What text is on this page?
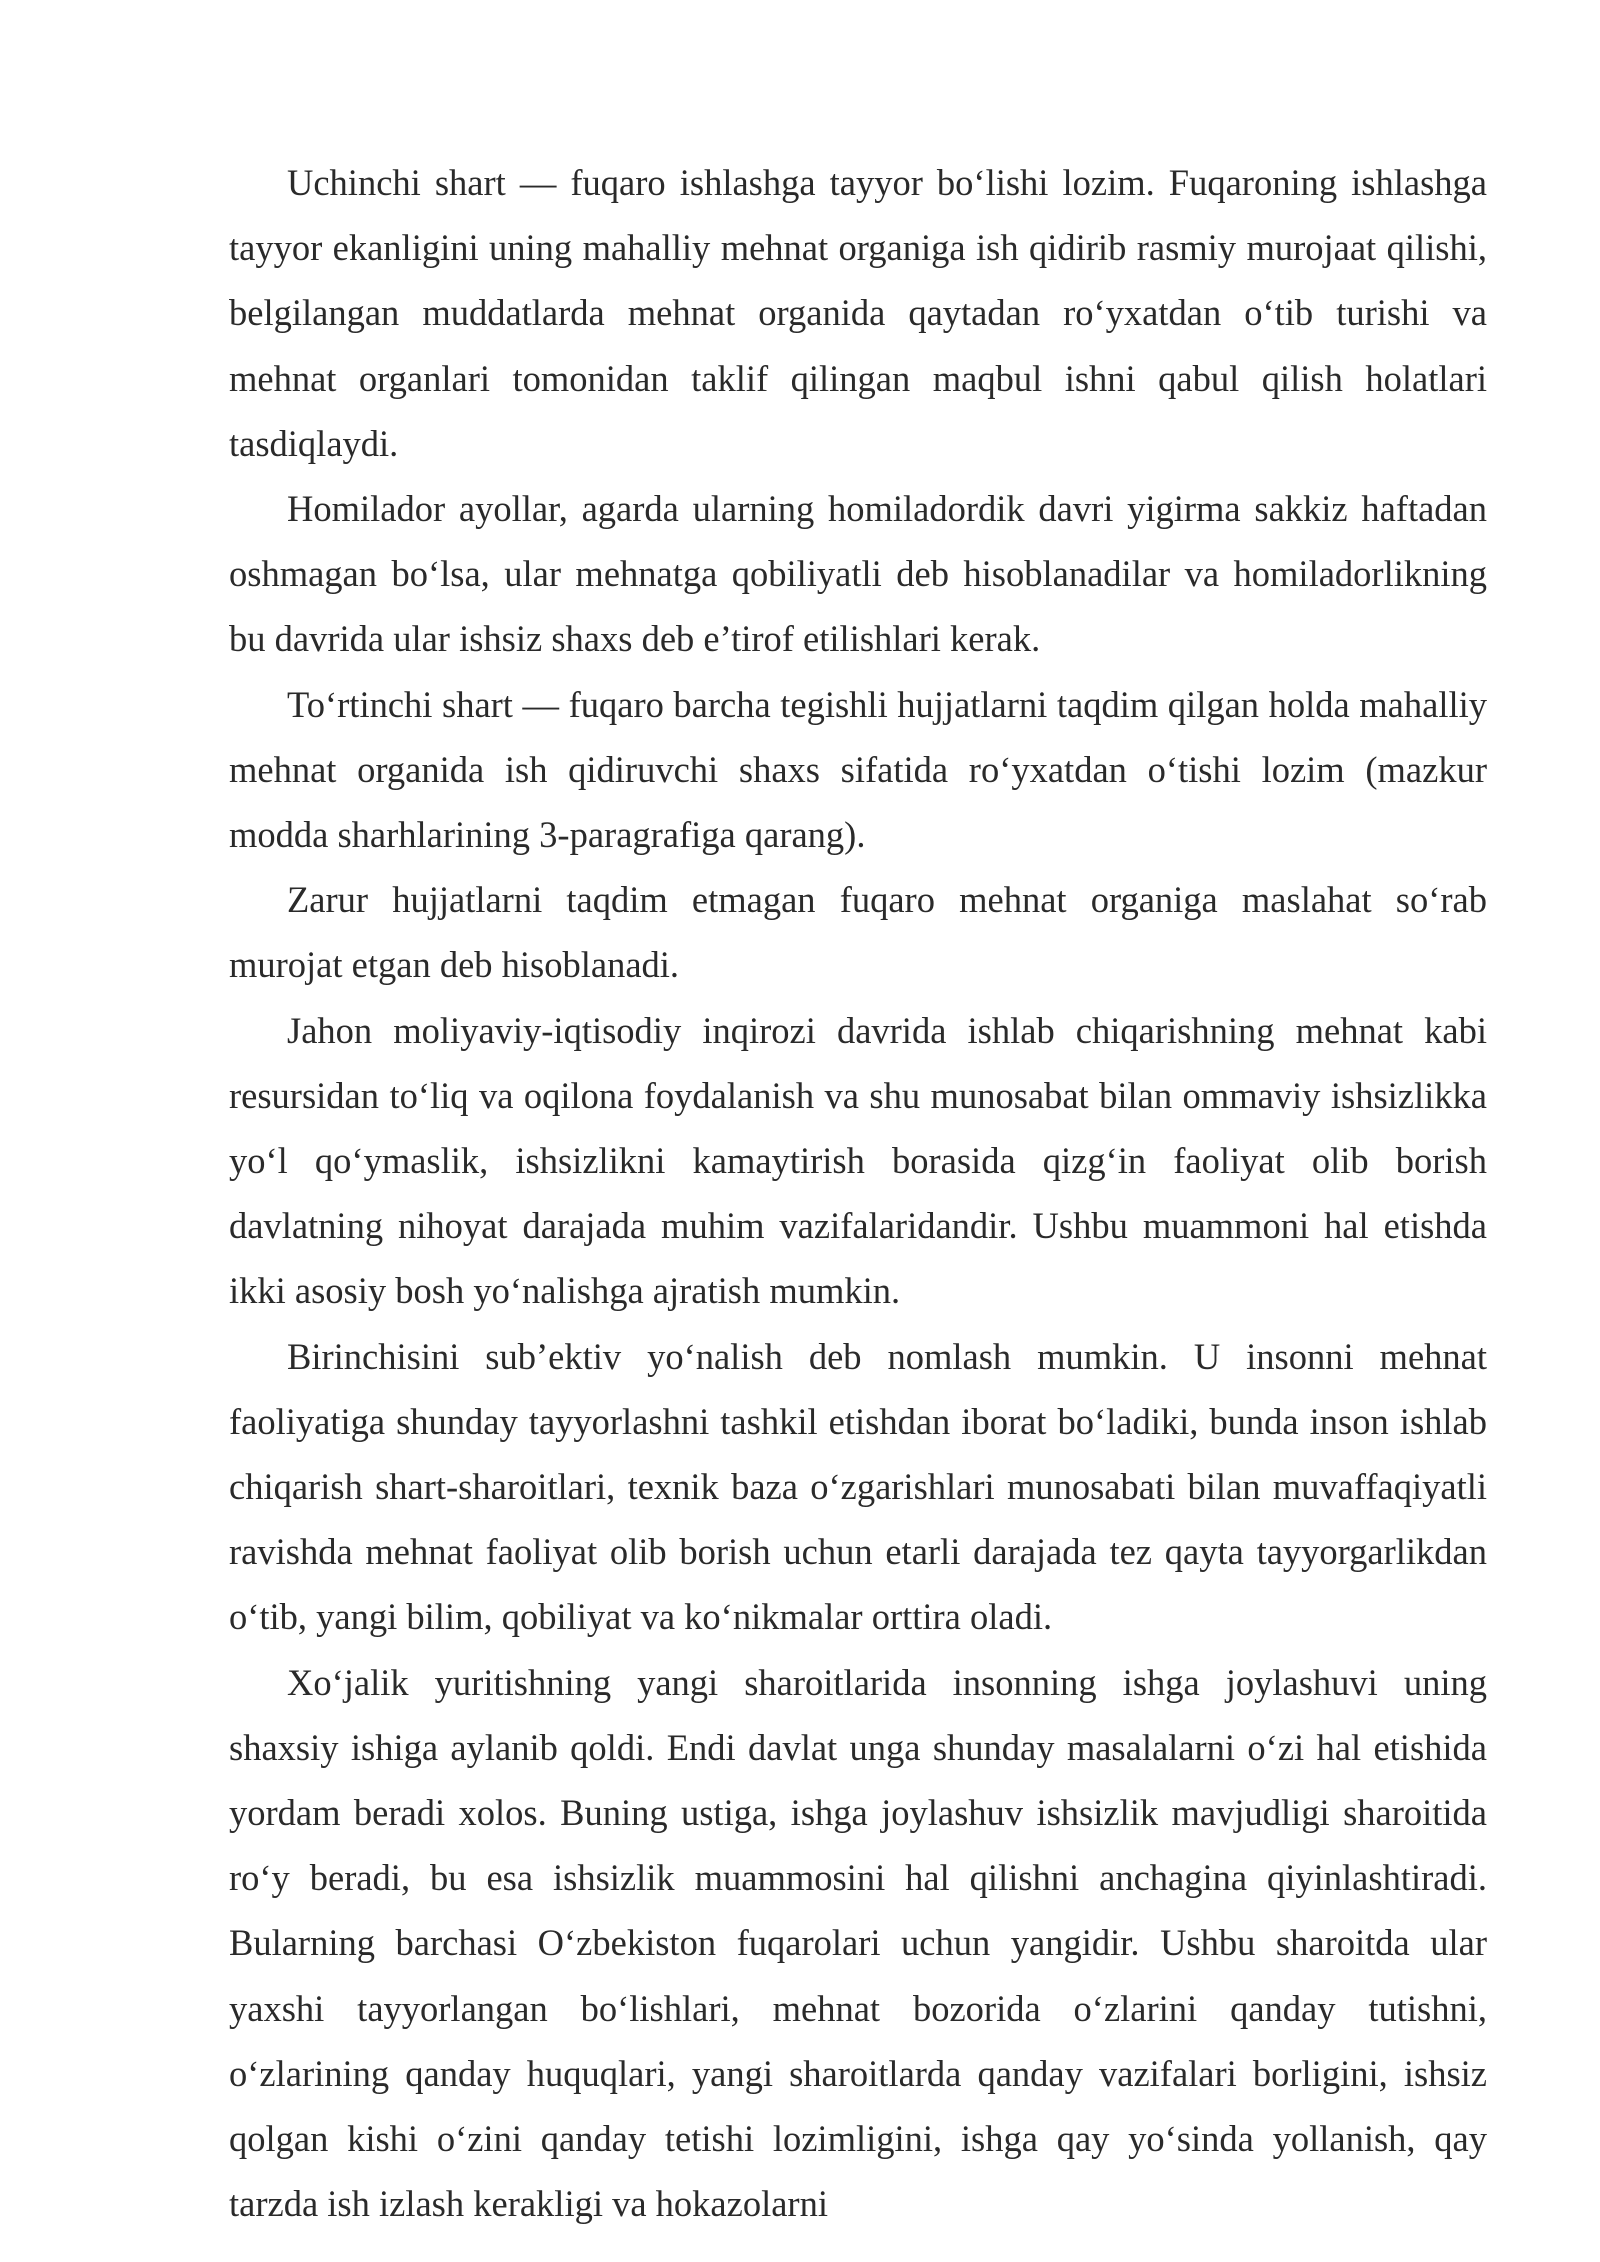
Uchinchi shart — fuqaro ishlashga tayyor bo‘lishi lozim. Fuqaroning ishlashga tayyor ekanligini uning mahalliy mehnat organiga ish qidirib rasmiy murojaat qilishi, belgilangan muddatlarda mehnat organida qaytadan ro‘yxatdan o‘tib turishi va mehnat organlari tomonidan taklif qilingan maqbul ishni qabul qilish holatlari tasdiqlaydi.

Homilador ayollar, agarda ularning homiladordik davri yigirma sakkiz haftadan oshmagan bo‘lsa, ular mehnatga qobiliyatli deb hisoblanadilar va homiladorlikning bu davrida ular ishsiz shaxs deb e’tirof etilishlari kerak.

To‘rtinchi shart — fuqaro barcha tegishli hujjatlarni taqdim qilgan holda mahalliy mehnat organida ish qidiruvchi shaxs sifatida ro‘yxatdan o‘tishi lozim (mazkur modda sharhlarining 3-paragrafiga qarang).

Zarur hujjatlarni taqdim etmagan fuqaro mehnat organiga maslahat so‘rab murojat etgan deb hisoblanadi.

Jahon moliyaviy-iqtisodiy inqirozi davrida ishlab chiqarishning mehnat kabi resursidan to‘liq va oqilona foydalanish va shu munosabat bilan ommaviy ishsizlikka yo‘l qo‘ymaslik, ishsizlikni kamaytirish borasida qizg‘in faoliyat olib borish davlatning nihoyat darajada muhim vazifalaridandir. Ushbu muammoni hal etishda ikki asosiy bosh yo‘nalishga ajratish mumkin.

Birinchisini sub’ektiv yo‘nalish deb nomlash mumkin. U insonni mehnat faoliyatiga shunday tayyorlashni tashkil etishdan iborat bo‘ladiki, bunda inson ishlab chiqarish shart-sharoitlari, texnik baza o‘zgarishlari munosabati bilan muvaffaqiyatli ravishda mehnat faoliyat olib borish uchun etarli darajada tez qayta tayyorgarlikdan o‘tib, yangi bilim, qobiliyat va ko‘nikmalar orttira oladi.

Xo‘jalik yuritishning yangi sharoitlarida insonning ishga joylashuvi uning shaxsiy ishiga aylanib qoldi. Endi davlat unga shunday masalalarni o‘zi hal etishida yordam beradi xolos. Buning ustiga, ishga joylashuv ishsizlik mavjudligi sharoitida ro‘y beradi, bu esa ishsizlik muammosini hal qilishni anchagina qiyinlashtiradi. Bularning barchasi O‘zbekiston fuqarolari uchun yangidir. Ushbu sharoitda ular yaxshi tayyorlangan bo‘lishlari, mehnat bozorida o‘zlarini qanday tutishni, o‘zlarining qanday huquqlari, yangi sharoitlarda qanday vazifalari borligini, ishsiz qolgan kishi o‘zini qanday tetishi lozimligini, ishga qay yo‘sinda yollanish, qay tarzda ish izlash kerakligi va hokazolarni
